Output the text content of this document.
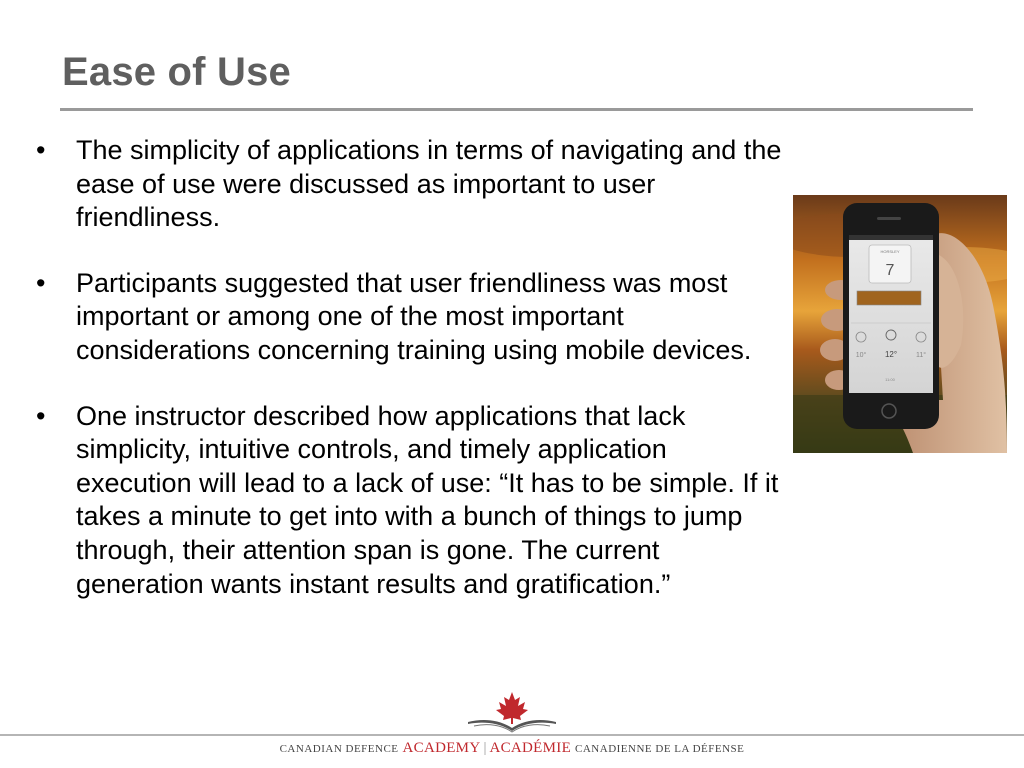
Ease of Use
•	The simplicity of applications in terms of navigating and the ease of use were discussed as important to user friendliness.
•	Participants suggested that user friendliness was most important or among one of the most important considerations concerning training using mobile devices.
•	One instructor described how applications that lack simplicity, intuitive controls, and timely application execution will lead to a lack of use: “It has to be simple. If it takes a minute to get into with a bunch of things to jump through, their attention span is gone. The current generation wants instant results and gratification.”
HORSLEY
7
10° 12°	11°
11:00
CANADIAN DEFENCE ACADEMY | ACADÉMIE CANADIENNE DE LA DÉFENSE
